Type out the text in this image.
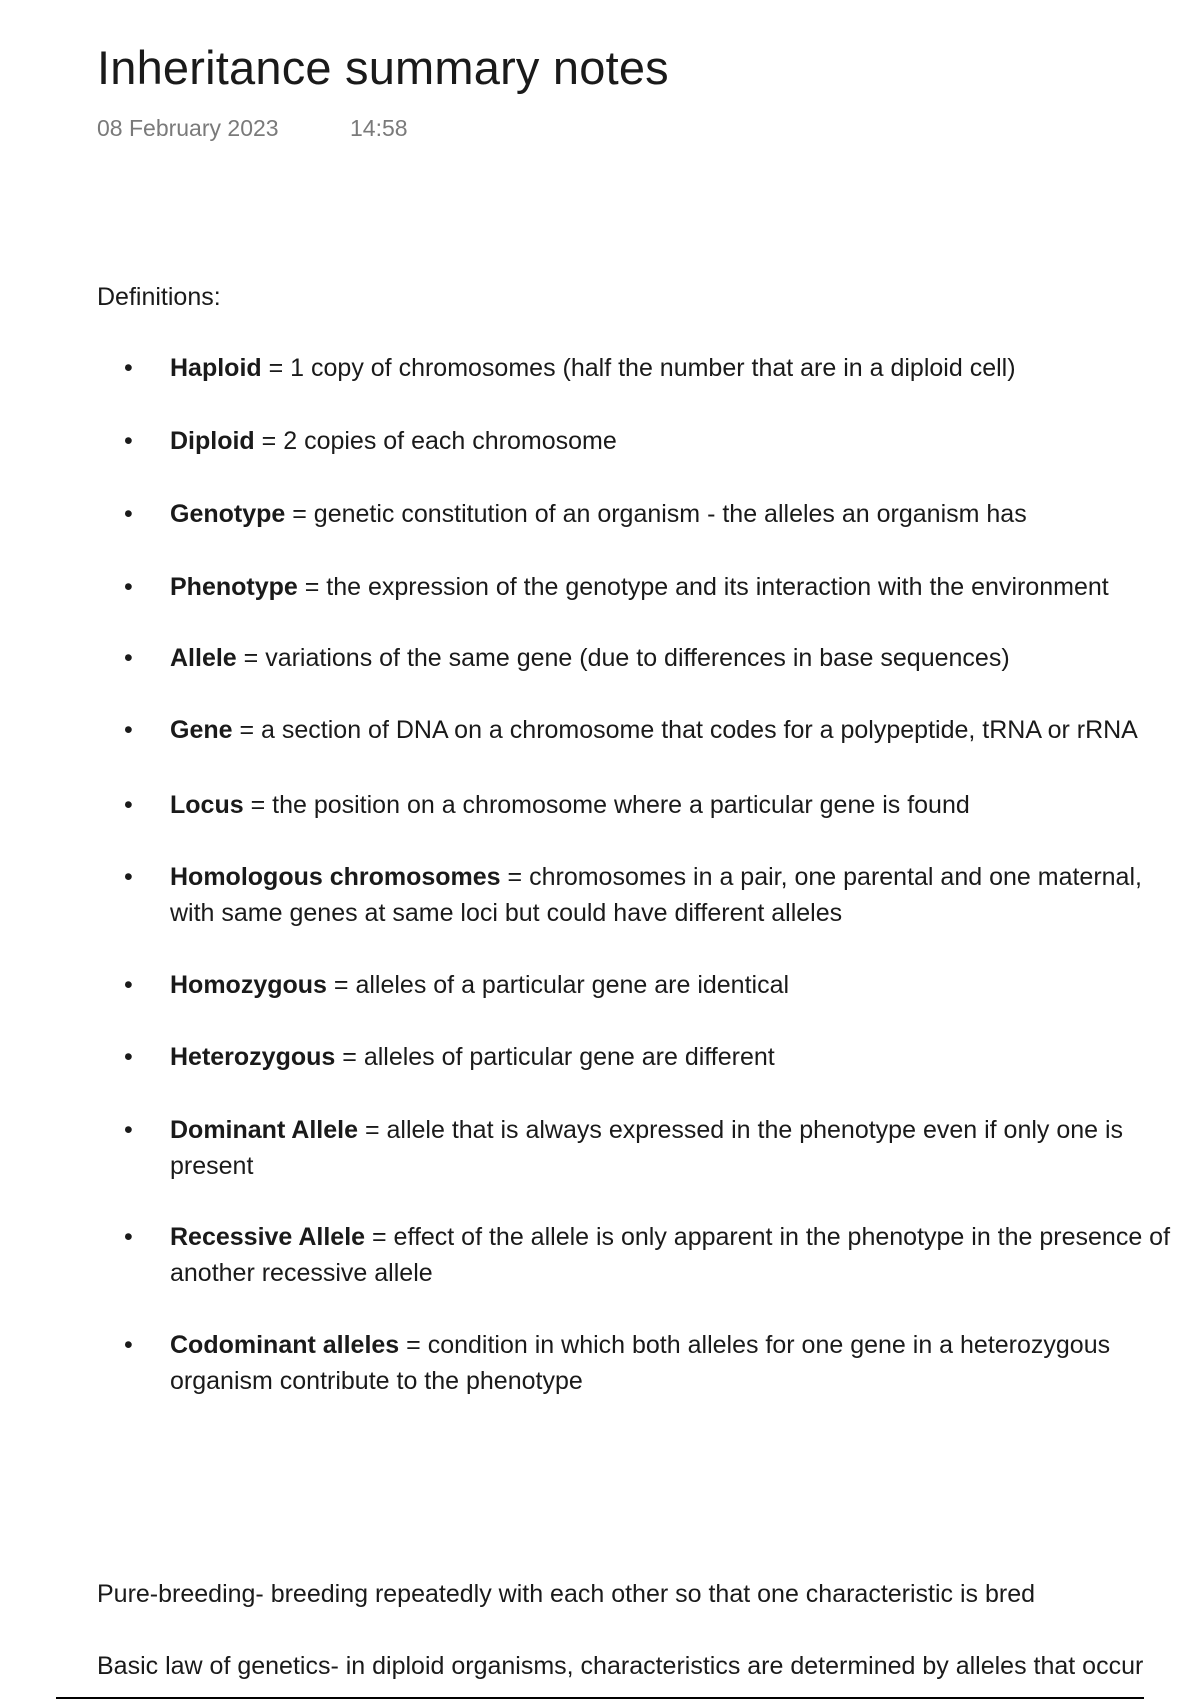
Inheritance summary notes
08 February 2023	14:58
Definitions:
• Haploid = 1 copy of chromosomes (half the number that are in a diploid cell)
• Diploid = 2 copies of each chromosome
• Genotype = genetic constitution of an organism - the alleles an organism has
• Phenotype = the expression of the genotype and its interaction with the environment
• Allele = variations of the same gene (due to differences in base sequences)
• Gene = a section of DNA on a chromosome that codes for a polypeptide, tRNA or rRNA
• Locus = the position on a chromosome where a particular gene is found
• Homologous chromosomes = chromosomes in a pair, one parental and one maternal,
with same genes at same loci but could have different alleles
• Homozygous = alleles of a particular gene are identical
• Heterozygous = alleles of particular gene are different
• Dominant Allele = allele that is always expressed in the phenotype even if only one is
present
• Recessive Allele = effect of the allele is only apparent in the phenotype in the presence of
another recessive allele
• Codominant alleles = condition in which both alleles for one gene in a heterozygous
organism contribute to the phenotype
Pure-breeding- breeding repeatedly with each other so that one characteristic is bred
Basic law of genetics- in diploid organisms, characteristics are determined by alleles that occur
